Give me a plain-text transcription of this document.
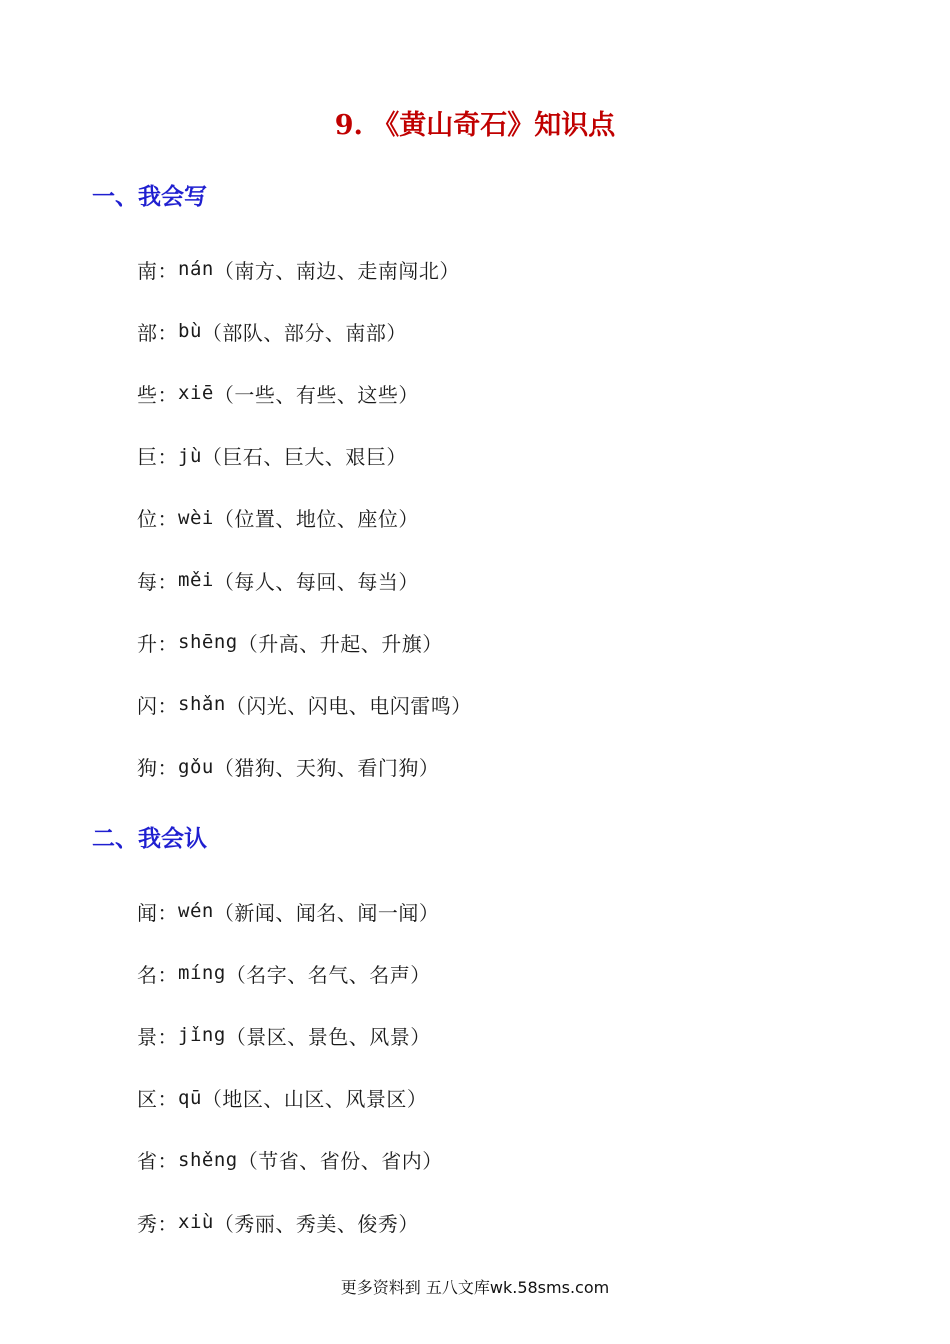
9. 《黄山奇石》知识点
一、我会写
南 ： nán （南方、南边、走南闯北）
部 ： bù （部队、部分、南部）
些 ： xiē （一些、有些、这些）
巨 ： jù （巨石、巨大、艰巨）
位 ： wèi （位置、地位、座位）
每 ： měi （每人、每回、每当）
升 ： shēng （升高、升起、升旗）
闪 ： shǎn （闪光、闪电、电闪雷鸣）
狗 ： gǒu （猎狗、天狗、看门狗）
二、我会认
闻 ： wén （新闻、闻名、闻一闻）
名 ： míng （名字、名气、名声）
景 ： jǐng （景区、景色、风景）
区 ： qū （地区、山区、风景区）
省 ： shěng （节省、省份、省内）
秀 ： xiù （秀丽、秀美、俊秀）
更多资料到 五八文库wk.58sms.com
